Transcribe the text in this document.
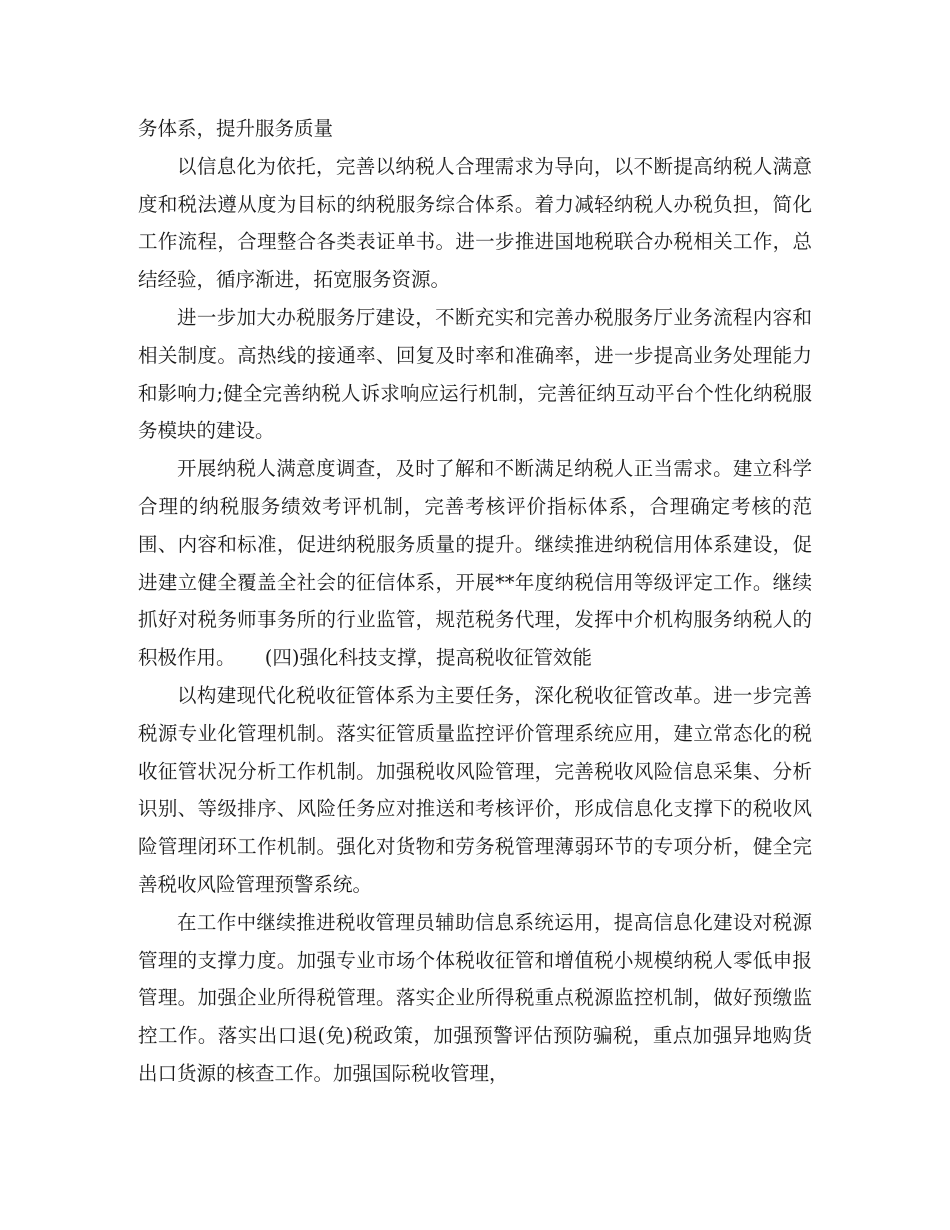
务体系，提升服务质量

以信息化为依托，完善以纳税人合理需求为导向，以不断提高纳税人满意度和税法遵从度为目标的纳税服务综合体系。着力减轻纳税人办税负担，简化工作流程，合理整合各类表证单书。进一步推进国地税联合办税相关工作，总结经验，循序渐进，拓宽服务资源。

进一步加大办税服务厅建设，不断充实和完善办税服务厅业务流程内容和相关制度。高热线的接通率、回复及时率和准确率，进一步提高业务处理能力和影响力;健全完善纳税人诉求响应运行机制，完善征纳互动平台个性化纳税服务模块的建设。

开展纳税人满意度调查，及时了解和不断满足纳税人正当需求。建立科学合理的纳税服务绩效考评机制，完善考核评价指标体系，合理确定考核的范围、内容和标准，促进纳税服务质量的提升。继续推进纳税信用体系建设，促进建立健全覆盖全社会的征信体系，开展**年度纳税信用等级评定工作。继续抓好对税务师事务所的行业监管，规范税务代理，发挥中介机构服务纳税人的积极作用。　　(四)强化科技支撑，提高税收征管效能

以构建现代化税收征管体系为主要任务，深化税收征管改革。进一步完善税源专业化管理机制。落实征管质量监控评价管理系统应用，建立常态化的税收征管状况分析工作机制。加强税收风险管理，完善税收风险信息采集、分析识别、等级排序、风险任务应对推送和考核评价，形成信息化支撑下的税收风险管理闭环工作机制。强化对货物和劳务税管理薄弱环节的专项分析，健全完善税收风险管理预警系统。

在工作中继续推进税收管理员辅助信息系统运用，提高信息化建设对税源管理的支撑力度。加强专业市场个体税收征管和增值税小规模纳税人零低申报管理。加强企业所得税管理。落实企业所得税重点税源监控机制，做好预缴监控工作。落实出口退(免)税政策，加强预警评估预防骗税，重点加强异地购货出口货源的核查工作。加强国际税收管理，
